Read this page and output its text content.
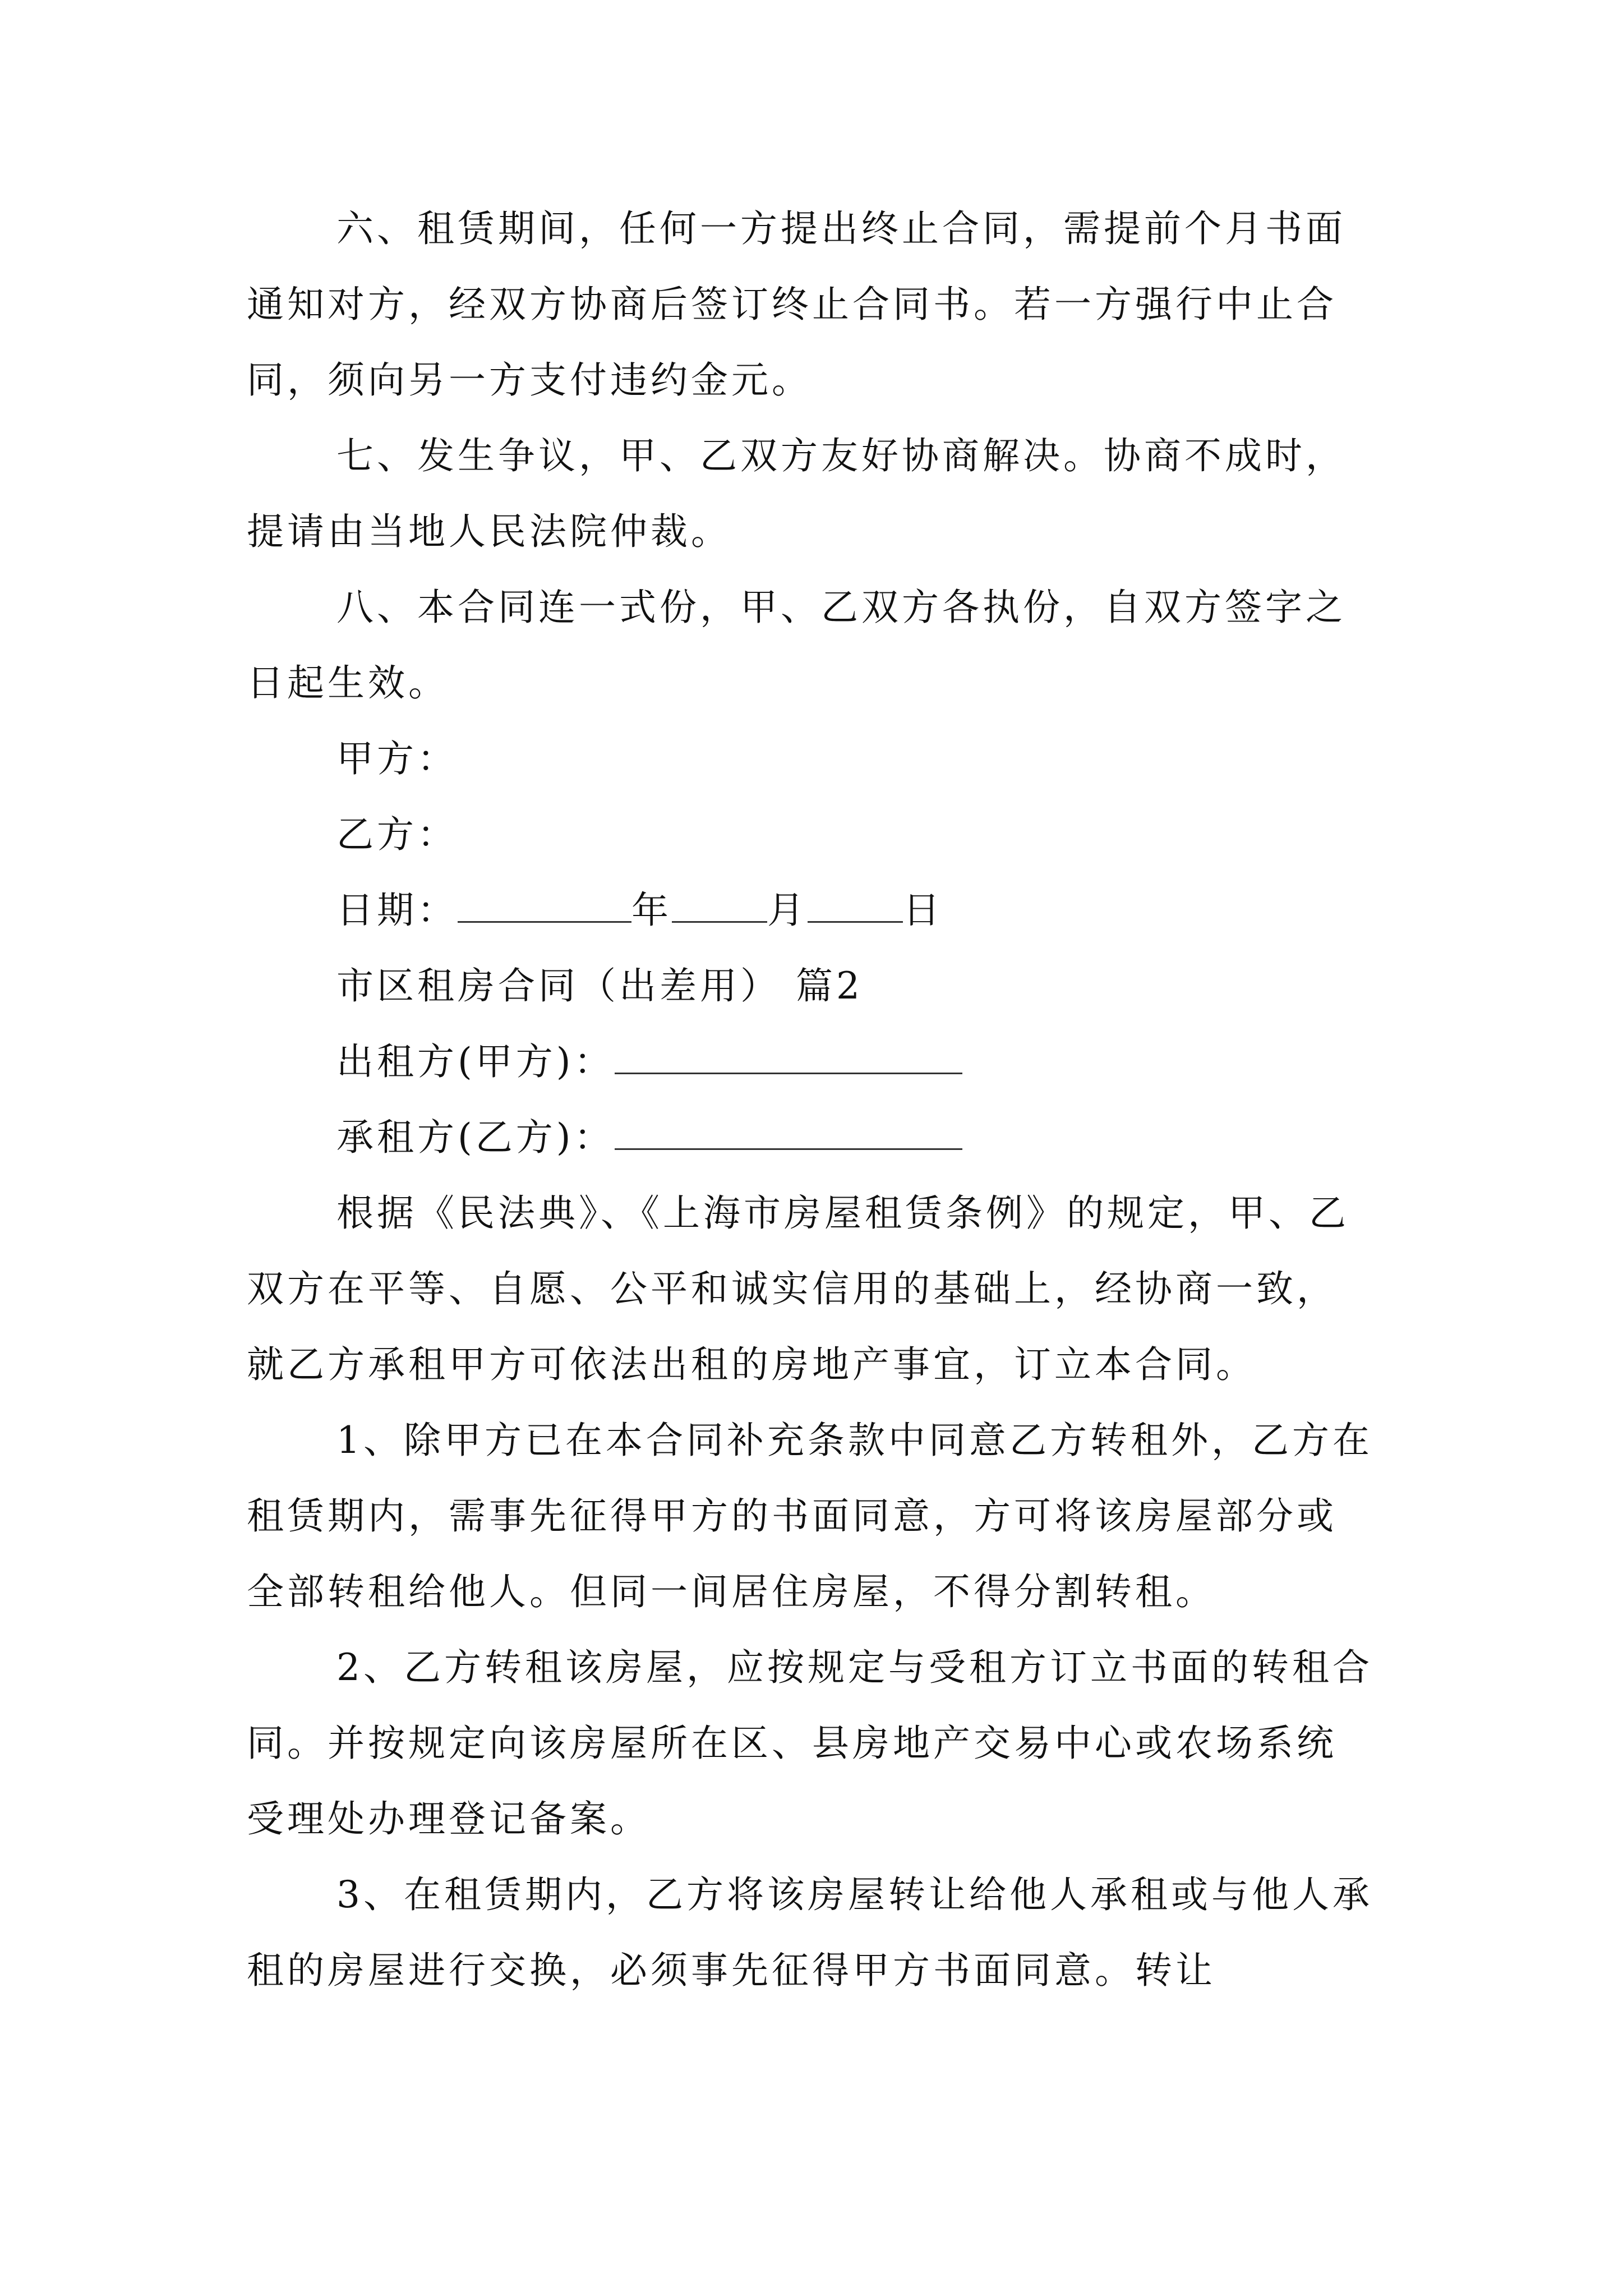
六、租赁期间，任何一方提出终止合同，需提前个月书面通知对方，经双方协商后签订终止合同书。若一方强行中止合同，须向另一方支付违约金元。

七、发生争议，甲、乙双方友好协商解决。协商不成时，提请由当地人民法院仲裁。

八、本合同连一式份，甲、乙双方各执份，自双方签字之日起生效。

甲方：

乙方：

日期：	年	月	日

市区租房合同（出差用） 篇2

出租方(甲方)：

承租方(乙方)：

根据《民法典》、《上海市房屋租赁条例》的规定，甲、乙双方在平等、自愿、公平和诚实信用的基础上，经协商一致，就乙方承租甲方可依法出租的房地产事宜，订立本合同。

1、除甲方已在本合同补充条款中同意乙方转租外，乙方在租赁期内，需事先征得甲方的书面同意，方可将该房屋部分或全部转租给他人。但同一间居住房屋，不得分割转租。

2、乙方转租该房屋，应按规定与受租方订立书面的转租合同。并按规定向该房屋所在区、县房地产交易中心或农场系统受理处办理登记备案。

3、在租赁期内，乙方将该房屋转让给他人承租或与他人承租的房屋进行交换，必须事先征得甲方书面同意。转让
